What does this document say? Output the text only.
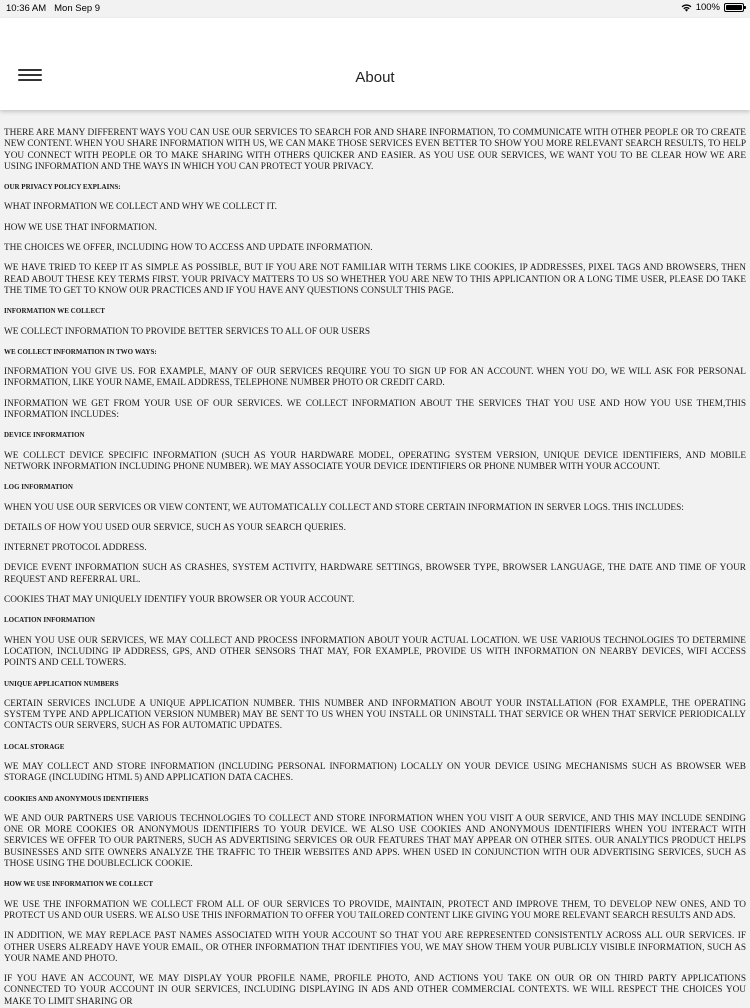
10:36 AM Mon Sep 9	100%
About

THERE ARE MANY DIFFERENT WAYS YOU CAN USE OUR SERVICES TO SEARCH FOR AND SHARE INFORMATION, TO COMMUNICATE WITH OTHER PEOPLE OR TO CREATE NEW CONTENT. WHEN YOU SHARE INFORMATION WITH US, WE CAN MAKE THOSE SERVICES EVEN BETTER TO SHOW YOU MORE RELEVANT SEARCH RESULTS, TO HELP YOU CONNECT WITH PEOPLE OR TO MAKE SHARING WITH OTHERS QUICKER AND EASIER. AS YOU USE OUR SERVICES, WE WANT YOU TO BE CLEAR HOW WE ARE USING INFORMATION AND THE WAYS IN WHICH YOU CAN PROTECT YOUR PRIVACY.

OUR PRIVACY POLICY EXPLAINS:

WHAT INFORMATION WE COLLECT AND WHY WE COLLECT IT.

HOW WE USE THAT INFORMATION.

THE CHOICES WE OFFER, INCLUDING HOW TO ACCESS AND UPDATE INFORMATION.

WE HAVE TRIED TO KEEP IT AS SIMPLE AS POSSIBLE, BUT IF YOU ARE NOT FAMILIAR WITH TERMS LIKE COOKIES, IP ADDRESSES, PIXEL TAGS AND BROWSERS, THEN READ ABOUT THESE KEY TERMS FIRST. YOUR PRIVACY MATTERS TO US SO WHETHER YOU ARE NEW TO THIS APPLICANTION OR A LONG TIME USER, PLEASE DO TAKE THE TIME TO GET TO KNOW OUR PRACTICES AND IF YOU HAVE ANY QUESTIONS CONSULT THIS PAGE.

INFORMATION WE COLLECT

WE COLLECT INFORMATION TO PROVIDE BETTER SERVICES TO ALL OF OUR USERS

WE COLLECT INFORMATION IN TWO WAYS:

INFORMATION YOU GIVE US. FOR EXAMPLE, MANY OF OUR SERVICES REQUIRE YOU TO SIGN UP FOR AN ACCOUNT. WHEN YOU DO, WE WILL ASK FOR PERSONAL INFORMATION, LIKE YOUR NAME, EMAIL ADDRESS, TELEPHONE NUMBER PHOTO OR CREDIT CARD.

INFORMATION WE GET FROM YOUR USE OF OUR SERVICES. WE COLLECT INFORMATION ABOUT THE SERVICES THAT YOU USE AND HOW YOU USE THEM,THIS INFORMATION INCLUDES:

DEVICE INFORMATION

WE COLLECT DEVICE SPECIFIC INFORMATION (SUCH AS YOUR HARDWARE MODEL, OPERATING SYSTEM VERSION, UNIQUE DEVICE IDENTIFIERS, AND MOBILE NETWORK INFORMATION INCLUDING PHONE NUMBER). WE MAY ASSOCIATE YOUR DEVICE IDENTIFIERS OR PHONE NUMBER WITH YOUR ACCOUNT.

LOG INFORMATION

WHEN YOU USE OUR SERVICES OR VIEW CONTENT, WE AUTOMATICALLY COLLECT AND STORE CERTAIN INFORMATION IN SERVER LOGS. THIS INCLUDES:

DETAILS OF HOW YOU USED OUR SERVICE, SUCH AS YOUR SEARCH QUERIES.

INTERNET PROTOCOL ADDRESS.

DEVICE EVENT INFORMATION SUCH AS CRASHES, SYSTEM ACTIVITY, HARDWARE SETTINGS, BROWSER TYPE, BROWSER LANGUAGE, THE DATE AND TIME OF YOUR REQUEST AND REFERRAL URL.

COOKIES THAT MAY UNIQUELY IDENTIFY YOUR BROWSER OR YOUR ACCOUNT.

LOCATION INFORMATION

WHEN YOU USE OUR SERVICES, WE MAY COLLECT AND PROCESS INFORMATION ABOUT YOUR ACTUAL LOCATION. WE USE VARIOUS TECHNOLOGIES TO DETERMINE LOCATION, INCLUDING IP ADDRESS, GPS, AND OTHER SENSORS THAT MAY, FOR EXAMPLE, PROVIDE US WITH INFORMATION ON NEARBY DEVICES, WIFI ACCESS POINTS AND CELL TOWERS.

UNIQUE APPLICATION NUMBERS

CERTAIN SERVICES INCLUDE A UNIQUE APPLICATION NUMBER. THIS NUMBER AND INFORMATION ABOUT YOUR INSTALLATION (FOR EXAMPLE, THE OPERATING SYSTEM TYPE AND APPLICATION VERSION NUMBER) MAY BE SENT TO US WHEN YOU INSTALL OR UNINSTALL THAT SERVICE OR WHEN THAT SERVICE PERIODICALLY CONTACTS OUR SERVERS, SUCH AS FOR AUTOMATIC UPDATES.

LOCAL STORAGE

WE MAY COLLECT AND STORE INFORMATION (INCLUDING PERSONAL INFORMATION) LOCALLY ON YOUR DEVICE USING MECHANISMS SUCH AS BROWSER WEB STORAGE (INCLUDING HTML 5) AND APPLICATION DATA CACHES.

COOKIES AND ANONYMOUS IDENTIFIERS

WE AND OUR PARTNERS USE VARIOUS TECHNOLOGIES TO COLLECT AND STORE INFORMATION WHEN YOU VISIT A OUR SERVICE, AND THIS MAY INCLUDE SENDING ONE OR MORE COOKIES OR ANONYMOUS IDENTIFIERS TO YOUR DEVICE. WE ALSO USE COOKIES AND ANONYMOUS IDENTIFIERS WHEN YOU INTERACT WITH SERVICES WE OFFER TO OUR PARTNERS, SUCH AS ADVERTISING SERVICES OR OUR FEATURES THAT MAY APPEAR ON OTHER SITES. OUR ANALYTICS PRODUCT HELPS BUSINESSES AND SITE OWNERS ANALYZE THE TRAFFIC TO THEIR WEBSITES AND APPS. WHEN USED IN CONJUNCTION WITH OUR ADVERTISING SERVICES, SUCH AS THOSE USING THE DOUBLECLICK COOKIE.

HOW WE USE INFORMATION WE COLLECT

WE USE THE INFORMATION WE COLLECT FROM ALL OF OUR SERVICES TO PROVIDE, MAINTAIN, PROTECT AND IMPROVE THEM, TO DEVELOP NEW ONES, AND TO PROTECT US AND OUR USERS. WE ALSO USE THIS INFORMATION TO OFFER YOU TAILORED CONTENT LIKE GIVING YOU MORE RELEVANT SEARCH RESULTS AND ADS.

IN ADDITION, WE MAY REPLACE PAST NAMES ASSOCIATED WITH YOUR ACCOUNT SO THAT YOU ARE REPRESENTED CONSISTENTLY ACROSS ALL OUR SERVICES. IF OTHER USERS ALREADY HAVE YOUR EMAIL, OR OTHER INFORMATION THAT IDENTIFIES YOU, WE MAY SHOW THEM YOUR PUBLICLY VISIBLE INFORMATION, SUCH AS YOUR NAME AND PHOTO.

IF YOU HAVE AN ACCOUNT, WE MAY DISPLAY YOUR PROFILE NAME, PROFILE PHOTO, AND ACTIONS YOU TAKE ON OUR OR ON THIRD PARTY APPLICATIONS CONNECTED TO YOUR ACCOUNT IN OUR SERVICES, INCLUDING DISPLAYING IN ADS AND OTHER COMMERCIAL CONTEXTS. WE WILL RESPECT THE CHOICES YOU MAKE TO LIMIT SHARING OR
